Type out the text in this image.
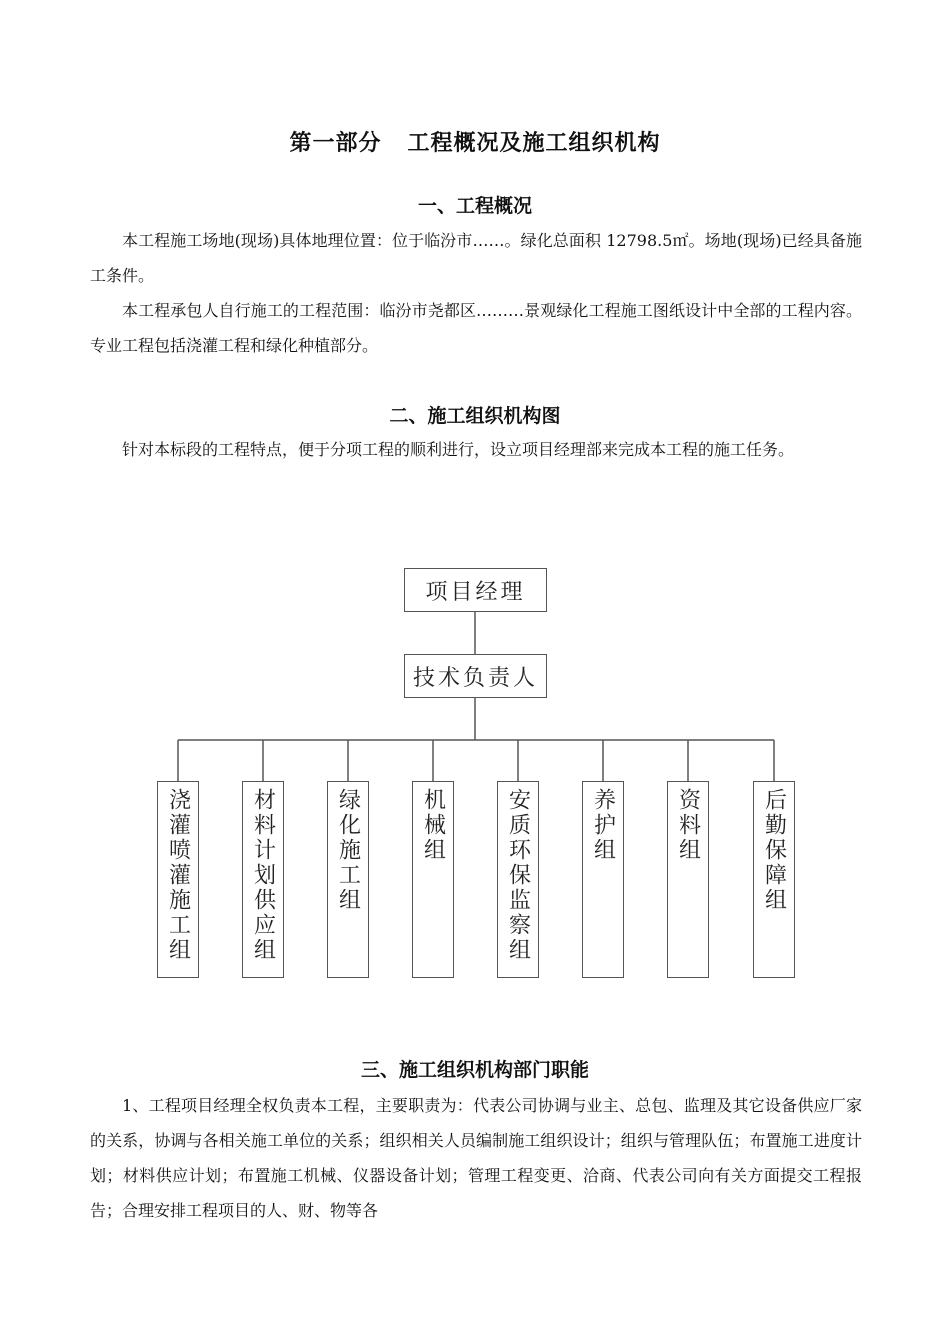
第一部分 工程概况及施工组织机构
一、工程概况

本工程施工场地(现场)具体地理位置：位于临汾市……。绿化总面积 12798.5㎡。场地(现场)已经具备施工条件。

本工程承包人自行施工的工程范围：临汾市尧都区………景观绿化工程施工图纸设计中全部的工程内容。专业工程包括浇灌工程和绿化种植部分。

二、施工组织机构图

针对本标段的工程特点，便于分项工程的顺利进行，设立项目经理部来完成本工程的施工任务。

项目经理
技术负责人
浇灌喷灌施工组	材料计划供应组	绿化施工组	机械组	安质环保监察组	养护组	资料组	后勤保障组
三、施工组织机构部门职能

1、工程项目经理全权负责本工程，主要职责为：代表公司协调与业主、总包、监理及其它设备供应厂家的关系，协调与各相关施工单位的关系；组织相关人员编制施工组织设计；组织与管理队伍；布置施工进度计划；材料供应计划；布置施工机械、仪器设备计划；管理工程变更、洽商、代表公司向有关方面提交工程报告；合理安排工程项目的人、财、物等各
